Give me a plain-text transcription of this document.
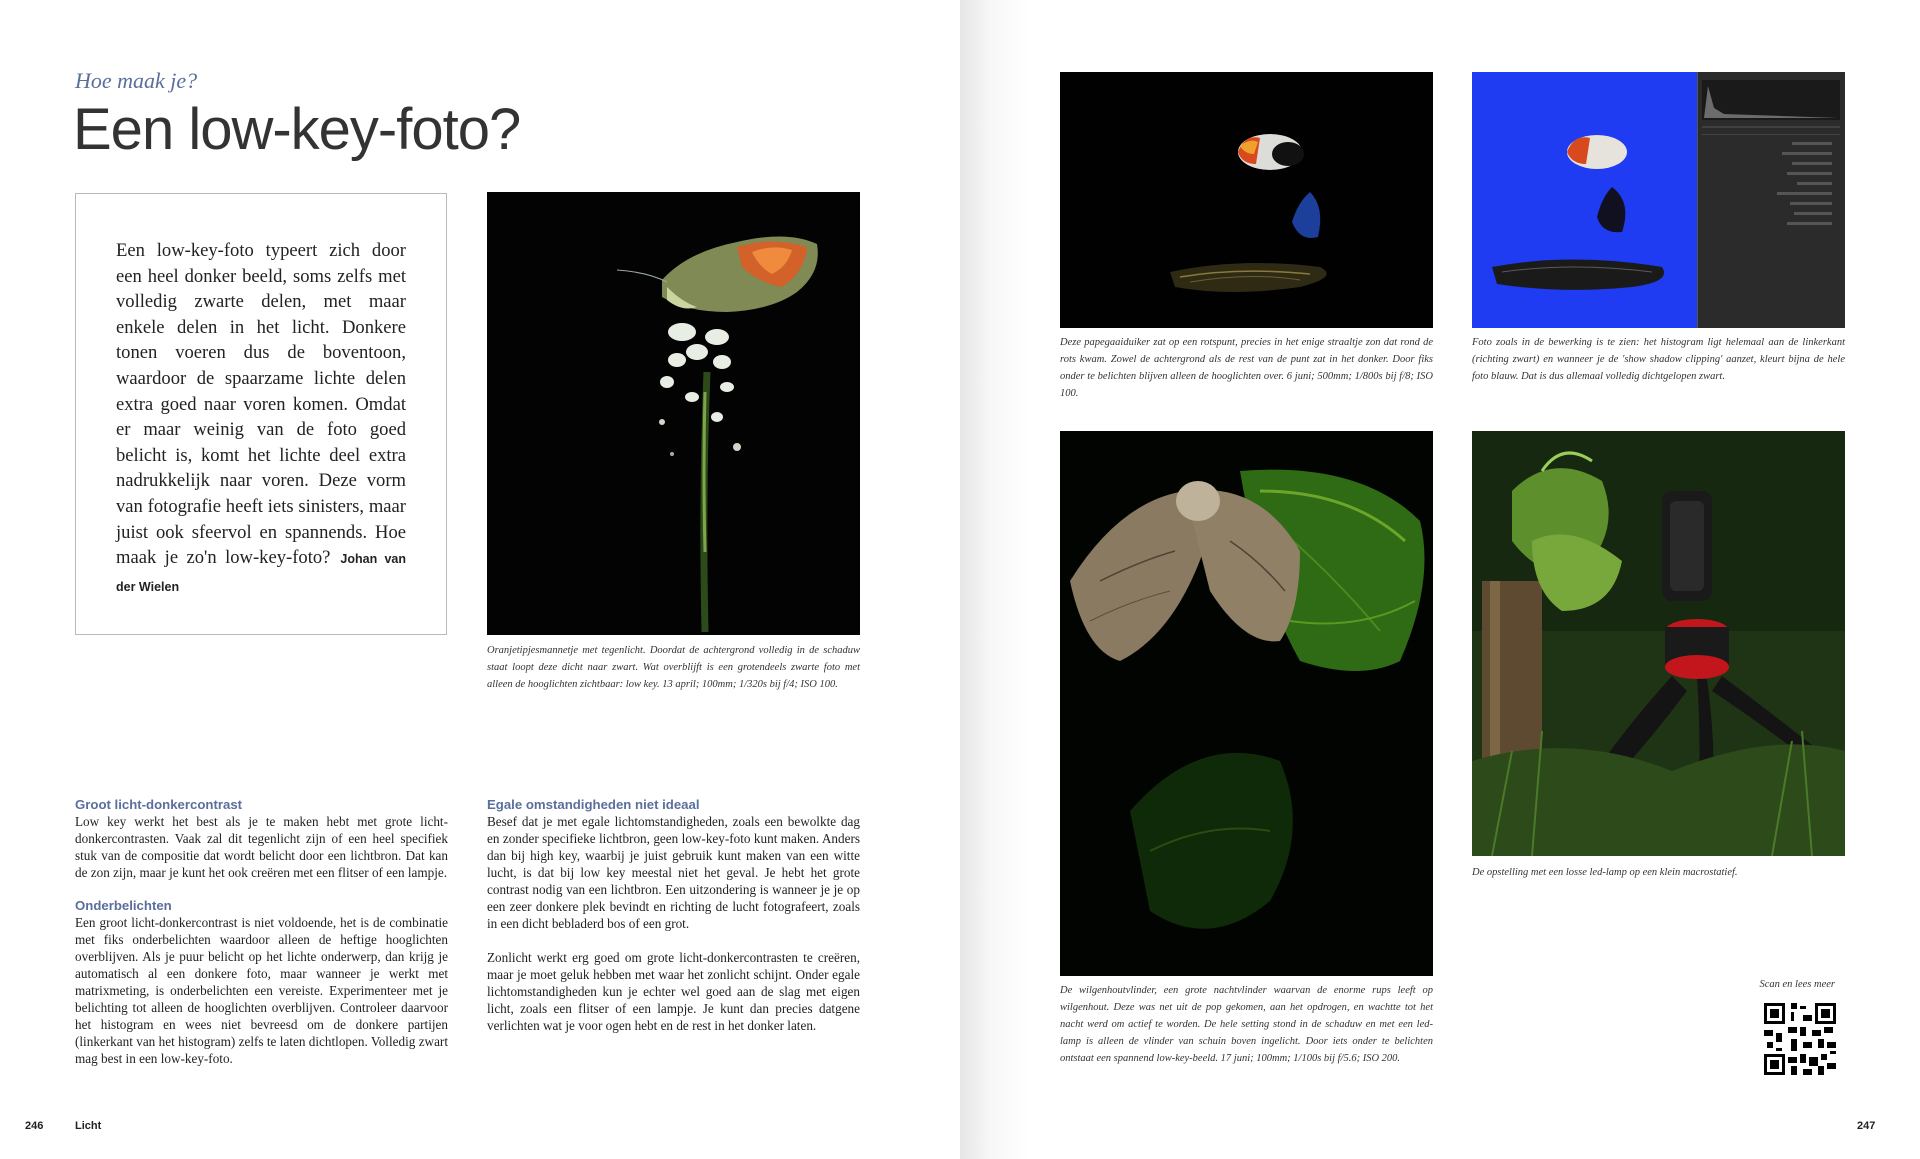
Hoe maak je?
Een low-key-foto?

Een low-key-foto typeert zich door een heel donker beeld, soms zelfs met volledig zwarte delen, met maar enkele delen in het licht. Donkere tonen voeren dus de boventoon, waardoor de spaarzame lichte delen extra goed naar voren komen. Omdat er maar weinig van de foto goed belicht is, komt het lichte deel extra nadrukkelijk naar voren. Deze vorm van fotografie heeft iets sinisters, maar juist ook sfeervol en spannends. Hoe maak je zo'n low-key-foto? Johan van der Wielen

Oranjetipjesmannetje met tegenlicht. Doordat de achtergrond volledig in de schaduw staat loopt deze dicht naar zwart. Wat overblijft is een grotendeels zwarte foto met alleen de hooglichten zichtbaar: low key. 13 april; 100mm; 1/320s bij f/4; ISO 100.

Groot licht-donkercontrast

Low key werkt het best als je te maken hebt met grote licht-donkercontrasten. Vaak zal dit tegenlicht zijn of een heel specifiek stuk van de compositie dat wordt belicht door een lichtbron. Dat kan de zon zijn, maar je kunt het ook creëren met een flitser of een lampje.

Onderbelichten

Een groot licht-donkercontrast is niet voldoende, het is de combinatie met fiks onderbelichten waardoor alleen de heftige hooglichten overblijven. Als je puur belicht op het lichte onderwerp, dan krijg je automatisch al een donkere foto, maar wanneer je werkt met matrixmeting, is onderbelichten een vereiste. Experimenteer met je belichting tot alleen de hooglichten overblijven. Controleer daarvoor het histogram en wees niet bevreesd om de donkere partijen (linkerkant van het histogram) zelfs te laten dichtlopen. Volledig zwart mag best in een low-key-foto.

Egale omstandigheden niet ideaal

Besef dat je met egale lichtomstandigheden, zoals een bewolkte dag en zonder specifieke lichtbron, geen low-key-foto kunt maken. Anders dan bij high key, waarbij je juist gebruik kunt maken van een witte lucht, is dat bij low key meestal niet het geval. Je hebt het grote contrast nodig van een lichtbron. Een uitzondering is wanneer je je op een zeer donkere plek bevindt en richting de lucht fotografeert, zoals in een dicht bebladerd bos of een grot.

Zonlicht werkt erg goed om grote licht-donkercontrasten te creëren, maar je moet geluk hebben met waar het zonlicht schijnt. Onder egale lichtomstandigheden kun je echter wel goed aan de slag met eigen licht, zoals een flitser of een lampje. Je kunt dan precies datgene verlichten wat je voor ogen hebt en de rest in het donker laten.

246	Licht

Deze papegaaiduiker zat op een rotspunt, precies in het enige straaltje zon dat rond de rots kwam. Zowel de achtergrond als de rest van de punt zat in het donker. Door fiks onder te belichten blijven alleen de hooglichten over. 6 juni; 500mm; 1/800s bij f/8; ISO 100.

Foto zoals in de bewerking is te zien: het histogram ligt helemaal aan de linkerkant (richting zwart) en wanneer je de 'show shadow clipping' aanzet, kleurt bijna de hele foto blauw. Dat is dus allemaal volledig dichtgelopen zwart.

De wilgenhoutvlinder, een grote nachtvlinder waarvan de enorme rups leeft op wilgenhout. Deze was net uit de pop gekomen, aan het opdrogen, en wachtte tot het nacht werd om actief te worden. De hele setting stond in de schaduw en met een led-lamp is alleen de vlinder van schuin boven ingelicht. Door iets onder te belichten ontstaat een spannend low-key-beeld. 17 juni; 100mm; 1/100s bij f/5.6; ISO 200.

De opstelling met een losse led-lamp op een klein macrostatief.

Scan en lees meer
247
